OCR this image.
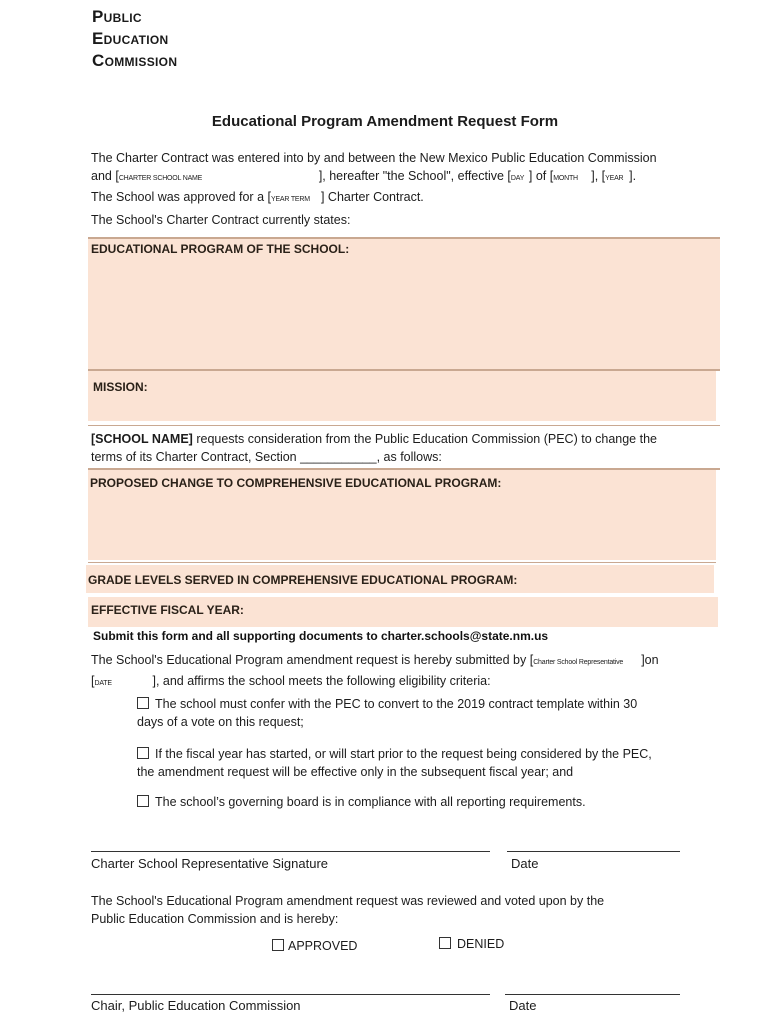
Public
Education
Commission
Educational Program Amendment Request Form
The Charter Contract was entered into by and between the New Mexico Public Education Commission
and [CHARTER SCHOOL NAME	], hereafter "the School", effective [DAY ] of [MONTH ], [YEAR ].
The School was approved for a [YEAR TERM ] Charter Contract.
The School's Charter Contract currently states:
EDUCATIONAL PROGRAM OF THE SCHOOL:
MISSION:
[SCHOOL NAME] requests consideration from the Public Education Commission (PEC) to change the
terms of its Charter Contract, Section ___________, as follows:
PROPOSED CHANGE TO COMPREHENSIVE EDUCATIONAL PROGRAM:
GRADE LEVELS SERVED IN COMPREHENSIVE EDUCATIONAL PROGRAM:
EFFECTIVE FISCAL YEAR:
Submit this form and all supporting documents to charter.schools@state.nm.us
The School's Educational Program amendment request is hereby submitted by [Charter School Representative ]on
[DATE	], and affirms the school meets the following eligibility criteria:
The school must confer with the PEC to convert to the 2019 contract template within 30
days of a vote on this request;
If the fiscal year has started, or will start prior to the request being considered by the PEC,
the amendment request will be effective only in the subsequent fiscal year; and
The school’s governing board is in compliance with all reporting requirements.
Charter School Representative Signature	Date
The School's Educational Program amendment request was reviewed and voted upon by the
Public Education Commission and is hereby:
APPROVED	DENIED
Chair, Public Education Commission	Date
